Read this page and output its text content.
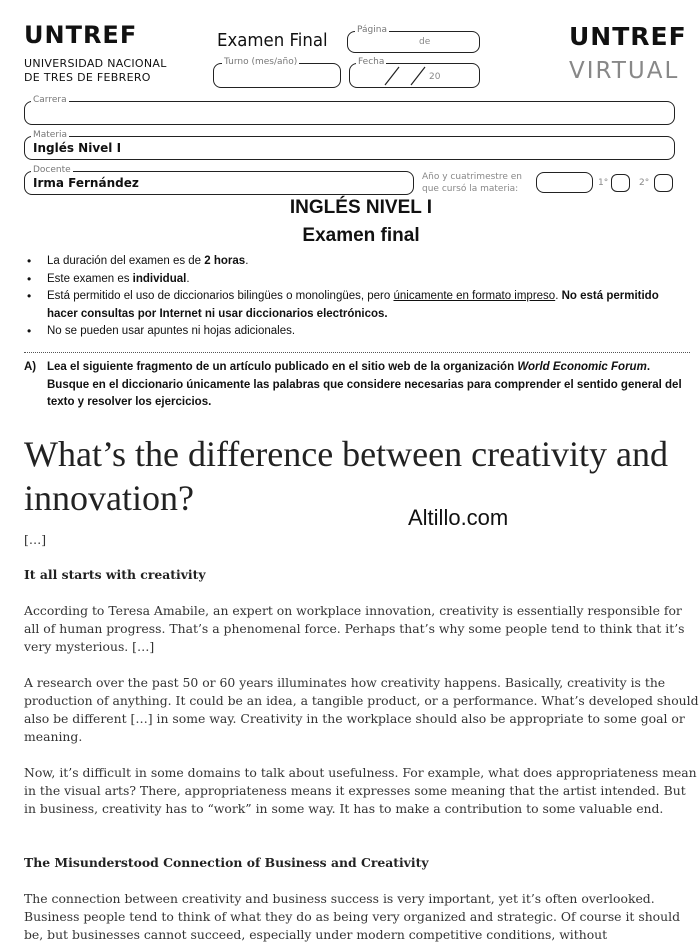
UNTREF
UNIVERSIDAD NACIONAL
DE TRES DE FEBRERO
Examen Final	Página
de
Turno (mes/año)	Fecha
20
UNTREF
VIRTUAL
Carrera
Materia
Inglés Nivel I
Docente
Irma Fernández	Año y cuatrimestre en
que cursó la materia:
1°	2°
INGLÉS NIVEL I
Examen final
• La duración del examen es de 2 horas.
• Este examen es individual.
• Está permitido el uso de diccionarios bilingües o monolingües, pero únicamente en formato impreso. No está permitido hacer consultas por Internet ni usar diccionarios electrónicos.
• No se pueden usar apuntes ni hojas adicionales.
A) Lea el siguiente fragmento de un artículo publicado en el sitio web de la organización World Economic Forum. Busque en el diccionario únicamente las palabras que considere necesarias para comprender el sentido general del texto y resolver los ejercicios.
What’s the difference between creativity and innovation?	Altillo.com
[…]
It all starts with creativity
According to Teresa Amabile, an expert on workplace innovation, creativity is essentially responsible for all of human progress. That’s a phenomenal force. Perhaps that’s why some people tend to think that it’s very mysterious. […]
A research over the past 50 or 60 years illuminates how creativity happens. Basically, creativity is the production of anything. It could be an idea, a tangible product, or a performance. What’s developed should also be different […] in some way. Creativity in the workplace should also be appropriate to some goal or meaning.
Now, it’s difficult in some domains to talk about usefulness. For example, what does appropriateness mean in the visual arts? There, appropriateness means it expresses some meaning that the artist intended. But in business, creativity has to “work” in some way. It has to make a contribution to some valuable end.
The Misunderstood Connection of Business and Creativity
The connection between creativity and business success is very important, yet it’s often overlooked. Business people tend to think of what they do as being very organized and strategic. Of course it should be, but businesses cannot succeed, especially under modern competitive conditions, without
